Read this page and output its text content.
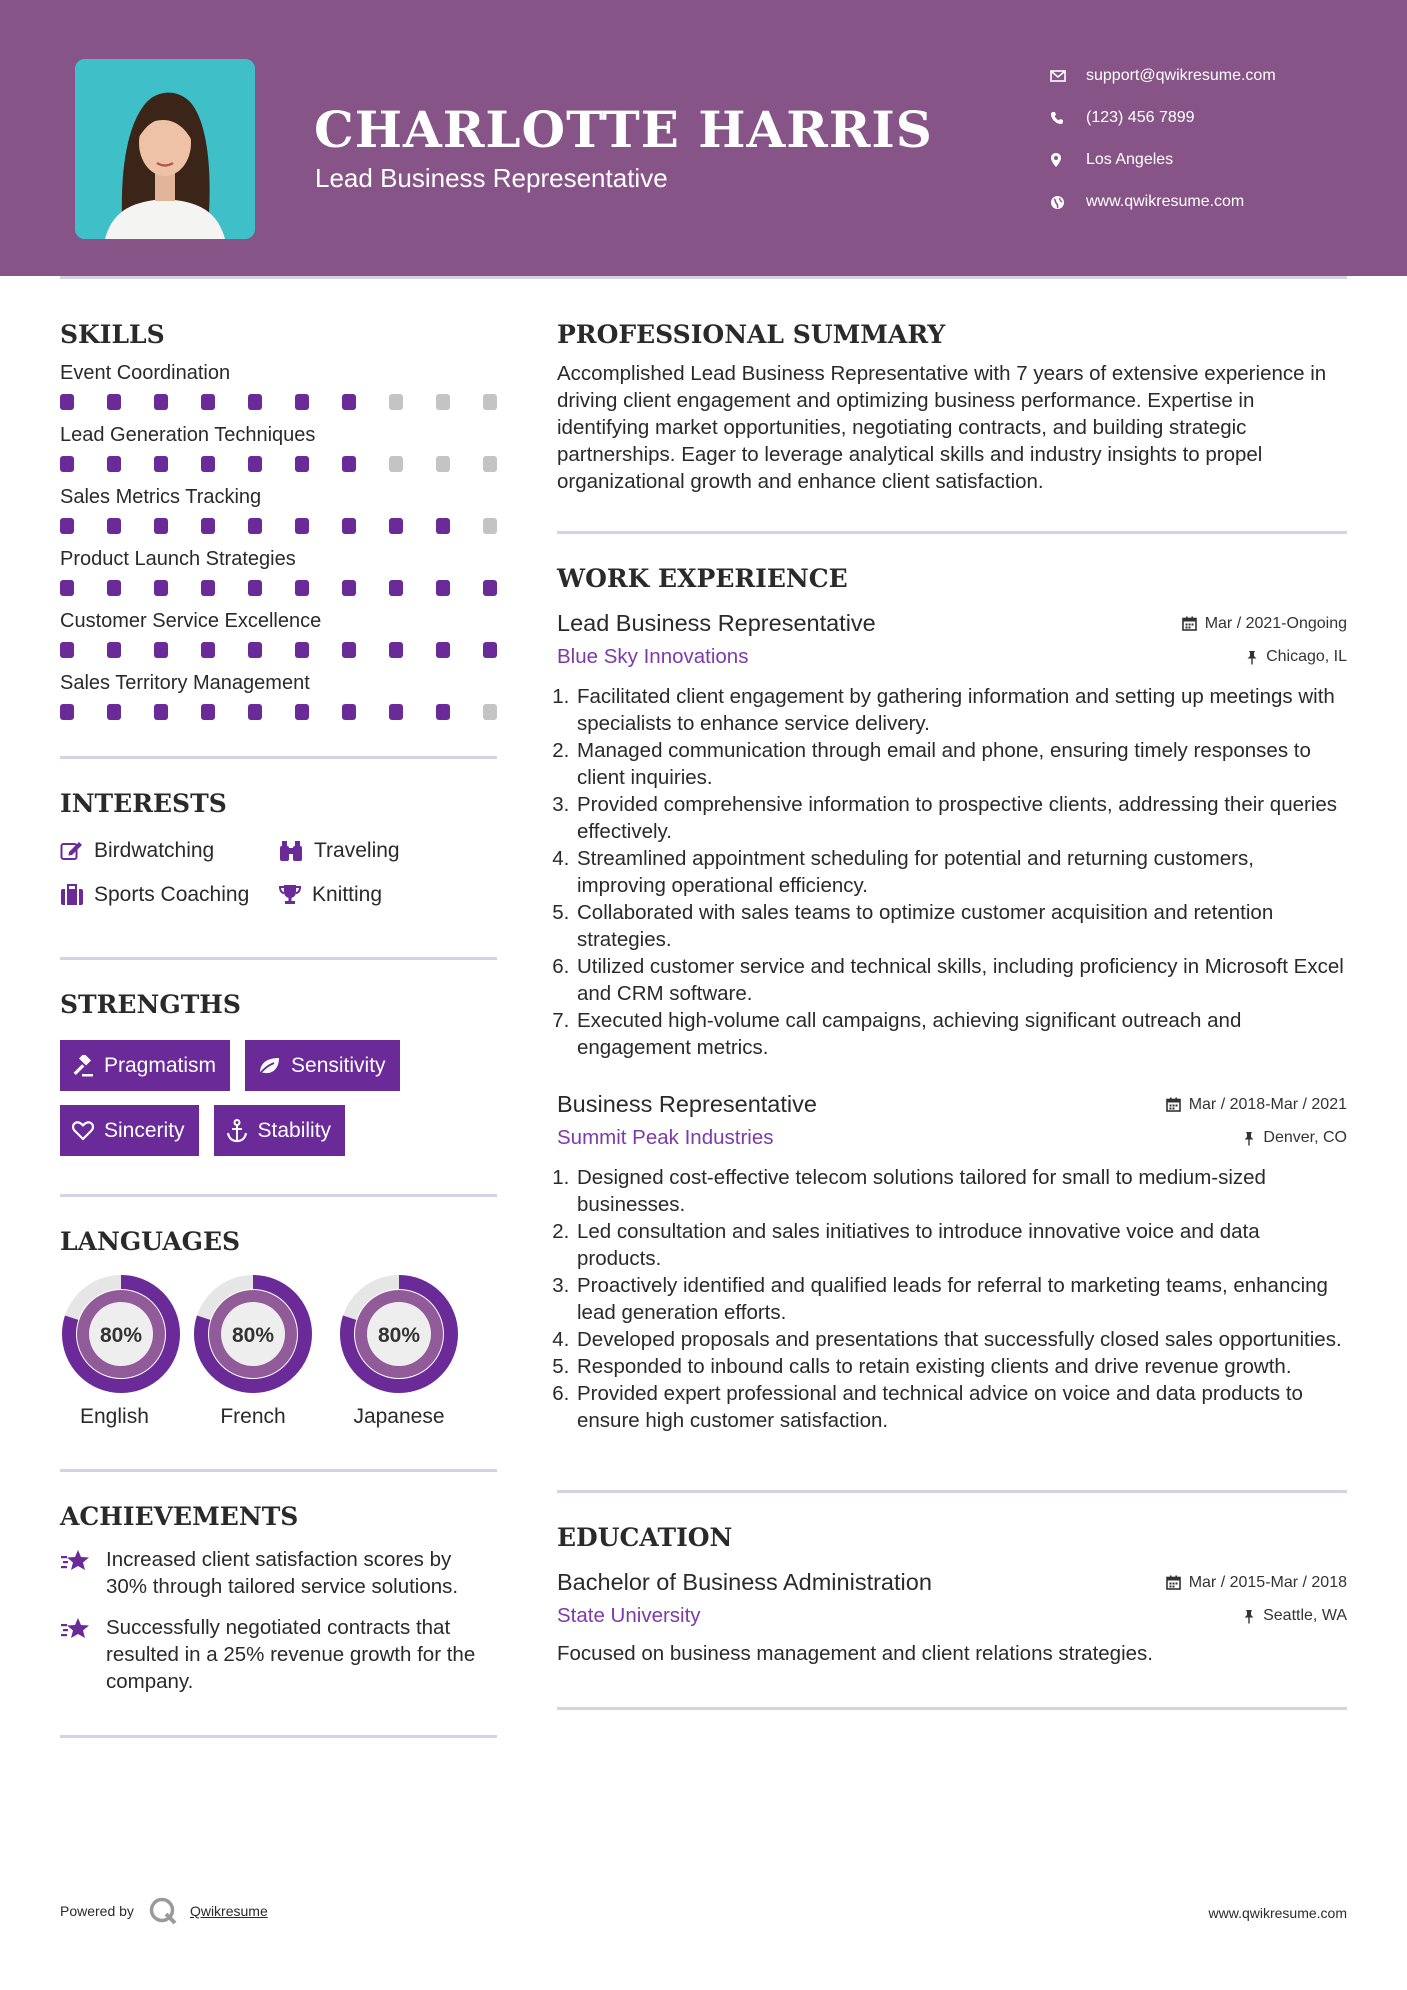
CHARLOTTE HARRIS
Lead Business Representative
support@qwikresume.com
(123) 456 7899
Los Angeles
www.qwikresume.com
SKILLS
Event Coordination
Lead Generation Techniques
Sales Metrics Tracking
Product Launch Strategies
Customer Service Excellence
Sales Territory Management
INTERESTS
Birdwatching	Traveling
Sports Coaching	Knitting
STRENGTHS
Pragmatism	Sensitivity
Sincerity	Stability
LANGUAGES
80%
English
80%
French
80%
Japanese
ACHIEVEMENTS
Increased client satisfaction scores by 30% through tailored service solutions.
Successfully negotiated contracts that resulted in a 25% revenue growth for the company.
PROFESSIONAL SUMMARY
Accomplished Lead Business Representative with 7 years of extensive experience in driving client engagement and optimizing business performance. Expertise in identifying market opportunities, negotiating contracts, and building strategic partnerships. Eager to leverage analytical skills and industry insights to propel organizational growth and enhance client satisfaction.
WORK EXPERIENCE
Lead Business Representative	Mar / 2021-Ongoing
Blue Sky Innovations	Chicago, IL
1. Facilitated client engagement by gathering information and setting up meetings with specialists to enhance service delivery.
2. Managed communication through email and phone, ensuring timely responses to client inquiries.
3. Provided comprehensive information to prospective clients, addressing their queries effectively.
4. Streamlined appointment scheduling for potential and returning customers, improving operational efficiency.
5. Collaborated with sales teams to optimize customer acquisition and retention strategies.
6. Utilized customer service and technical skills, including proficiency in Microsoft Excel and CRM software.
7. Executed high-volume call campaigns, achieving significant outreach and engagement metrics.
Business Representative	Mar / 2018-Mar / 2021
Summit Peak Industries	Denver, CO
1. Designed cost-effective telecom solutions tailored for small to medium-sized businesses.
2. Led consultation and sales initiatives to introduce innovative voice and data products.
3. Proactively identified and qualified leads for referral to marketing teams, enhancing lead generation efforts.
4. Developed proposals and presentations that successfully closed sales opportunities.
5. Responded to inbound calls to retain existing clients and drive revenue growth.
6. Provided expert professional and technical advice on voice and data products to ensure high customer satisfaction.
EDUCATION
Bachelor of Business Administration	Mar / 2015-Mar / 2018
State University	Seattle, WA
Focused on business management and client relations strategies.
Powered by	Qwikresume	www.qwikresume.com
